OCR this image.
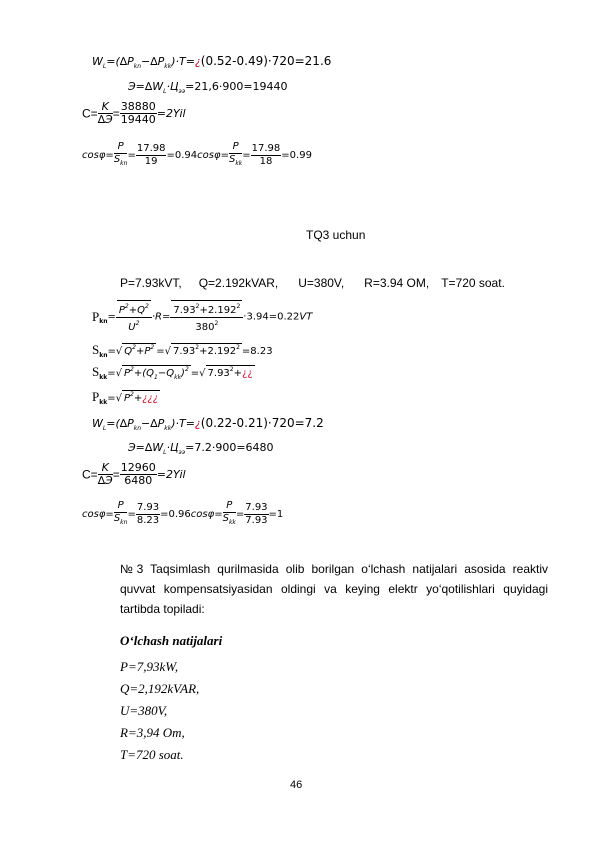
$W_L=(\Delta P_{kn}-\Delta P_{kk})\cdot T=¿(0.52-0.49)\cdot 720=21.6$
$Э=\Delta W_L\cdot Ц_{ээ}=21,6\cdot 900=19440$
$C= \frac{K}{\Delta Э} = \frac{38880}{19440} =2Yil$
$\cos\varphi= \frac{P}{S_{kn}} = \frac{17.98}{19} =0.94\cos\varphi= \frac{P}{S_{kk}} = \frac{17.98}{18} =0.99$
TQ3 uchun
P=7.93kVT, Q=2.192kVAR, U=380V, R=3.94 OM, T=720 soat.
$P_{kn}= \frac{P^2+Q^2}{U^2} \cdot R= \frac{7.93^2+2.192^2}{380^2} \cdot 3.94=0.22VT$
$S_{kn}=√$ $Q^2+P^2$ =√ $7.93^2+2.192^2 =8.23$
$S_{kk}=√$ $P^2+(Q_1-Q_{kk})^2$ =√ $7.93^2+¿¿$
$P_{kk}=√$ $P^2+¿¿¿$
$W_L=(\Delta P_{kn}-\Delta P_{kk})\cdot T=¿(0.22-0.21)\cdot 720=7.2$
$Э=\Delta W_L\cdot Ц_{ээ}=7.2\cdot 900=6480$
$C= \frac{K}{\Delta Э} = \frac{12960}{6480} =2Yil$
$\cos\varphi= \frac{P}{S_{kn}} = \frac{7.93}{8.23} =0.96\cos\varphi= \frac{P}{S_{kk}} = \frac{7.93}{7.93} =1$
№3 Taqsimlash qurilmasida olib borilgan o‘lchash natijalari asosida reaktiv quvvat kompensatsiyasidan oldingi va keying elektr yo‘qotilishlari quyidagi tartibda topiladi:
O‘lchash natijalari
P=7,93kW,
Q=2,192kVAR,
U=380V,
R=3,94 Om,
T=720 soat.
46
